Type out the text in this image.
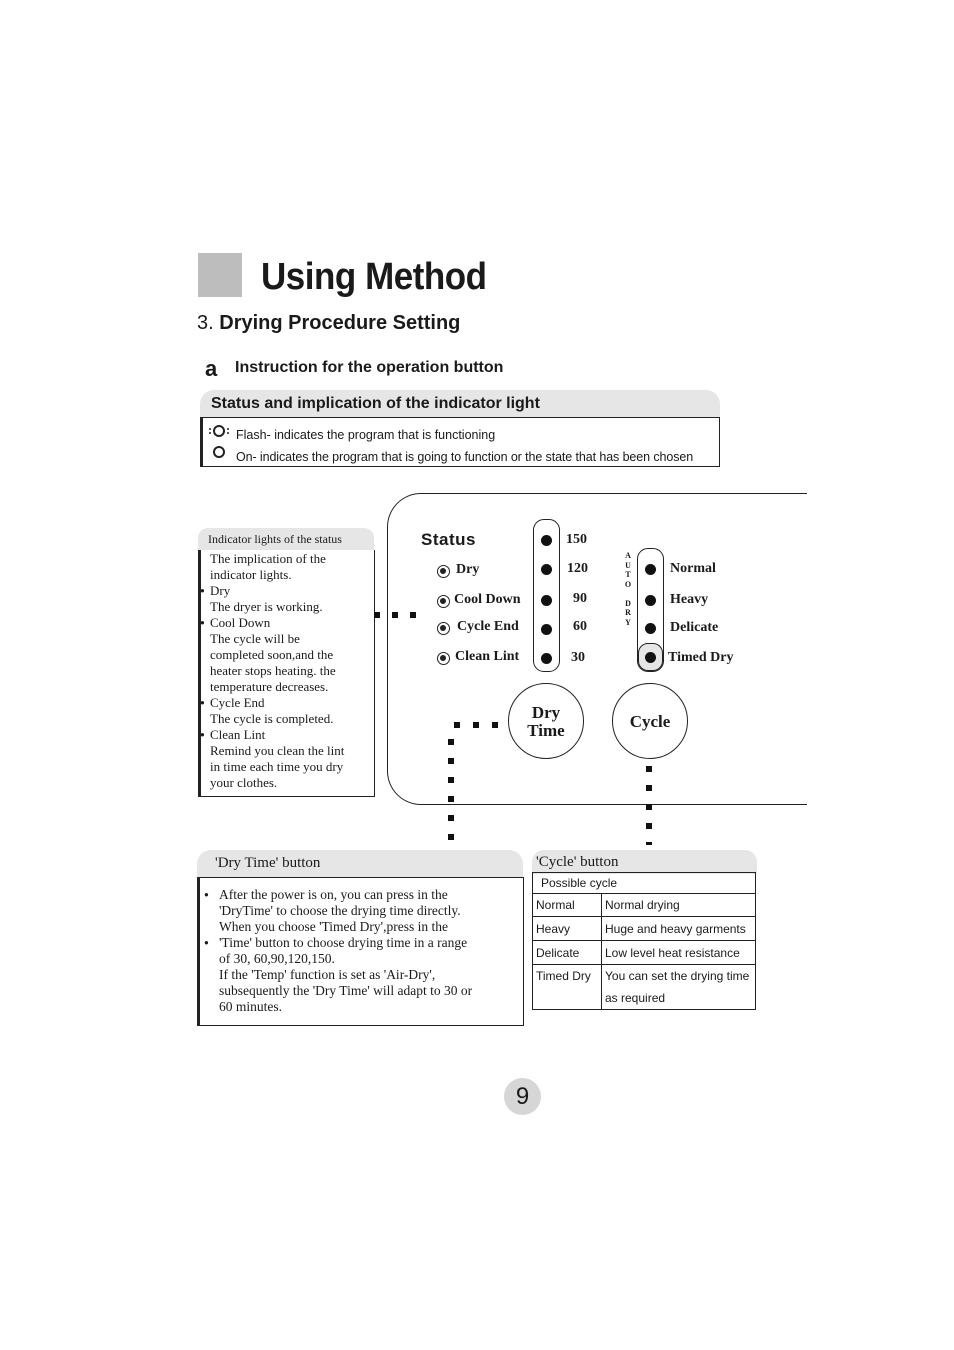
Using Method
3. Drying Procedure Setting
a Instruction for the operation button
Status and implication of the indicator light
Flash- indicates the program that is functioning
On- indicates the program that is going to function or the state that has been chosen
Indicator lights of the status
The implication of the
indicator lights.
● Dry
The dryer is working.
● Cool Down
The cycle will be
completed soon,and the
heater stops heating. the
temperature decreases.
● Cycle End
The cycle is completed.
● Clean Lint
Remind you clean the lint
in time each time you dry
your clothes.
Status
Dry
Cool Down
Cycle End
Clean Lint
150
120
90
60
30
A
U
T
O
D
R
Y
Normal
Heavy
Delicate
Timed Dry
Dry
Time	Cycle
'Dry Time' button
● After the power is on, you can press in the
'DryTime' to choose the drying time directly.
When you choose 'Timed Dry',press in the
● 'Time' button to choose drying time in a range
of 30, 60,90,120,150.
If the 'Temp' function is set as 'Air-Dry',
subsequently the 'Dry Time' will adapt to 30 or
60 minutes.
'Cycle' button
Possible cycle	
Normal	Normal drying
Heavy	Huge and heavy garments
Delicate	Low level heat resistance
Timed Dry	You can set the drying time
as required
9
